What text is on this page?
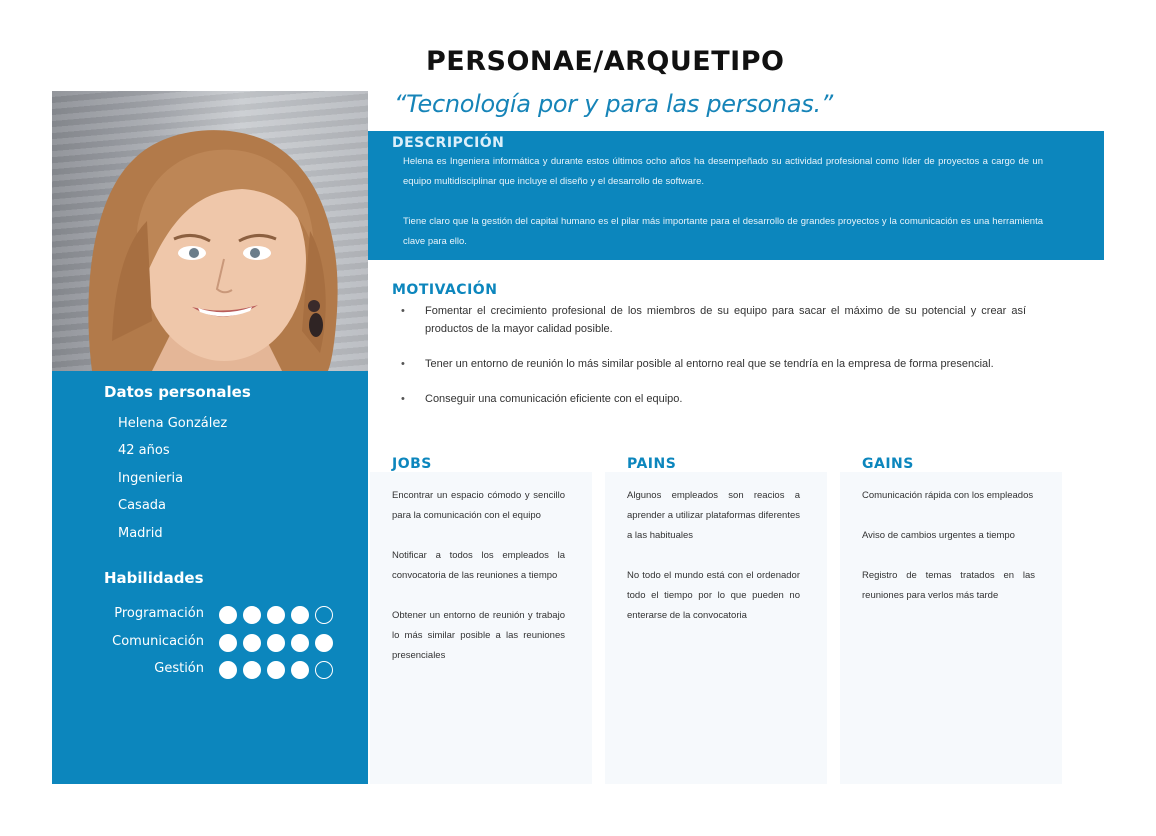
PERSONAE/ARQUETIPO
“Tecnología por y para las personas.”
Datos personales
Helena González
42 años
Ingenieria
Casada
Madrid
Habilidades
Programación
Comunicación
Gestión
DESCRIPCIÓN
Helena es Ingeniera informática y durante estos últimos ocho años ha desempeñado su actividad profesional como líder de proyectos a cargo de un equipo multidisciplinar que incluye el diseño y el desarrollo de software.
Tiene claro que la gestión del capital humano es el pilar más importante para el desarrollo de grandes proyectos y la comunicación es una herramienta clave para ello.
MOTIVACIÓN
• Fomentar el crecimiento profesional de los miembros de su equipo para sacar el máximo de su potencial y crear así productos de la mayor calidad posible.
• Tener un entorno de reunión lo más similar posible al entorno real que se tendría en la empresa de forma presencial.
• Conseguir una comunicación eficiente con el equipo.
JOBS	PAINS	GAINS

Encontrar un espacio cómodo y sencillo para la comunicación con el equipo

Notificar a todos los empleados la convocatoria de las reuniones a tiempo

Obtener un entorno de reunión y trabajo lo más similar posible a las reuniones presenciales

Algunos empleados son reacios a aprender a utilizar plataformas diferentes a las habituales

No todo el mundo está con el ordenador todo el tiempo por lo que pueden no enterarse de la convocatoria

Comunicación rápida con los empleados

Aviso de cambios urgentes a tiempo

Registro de temas tratados en las reuniones para verlos más tarde
